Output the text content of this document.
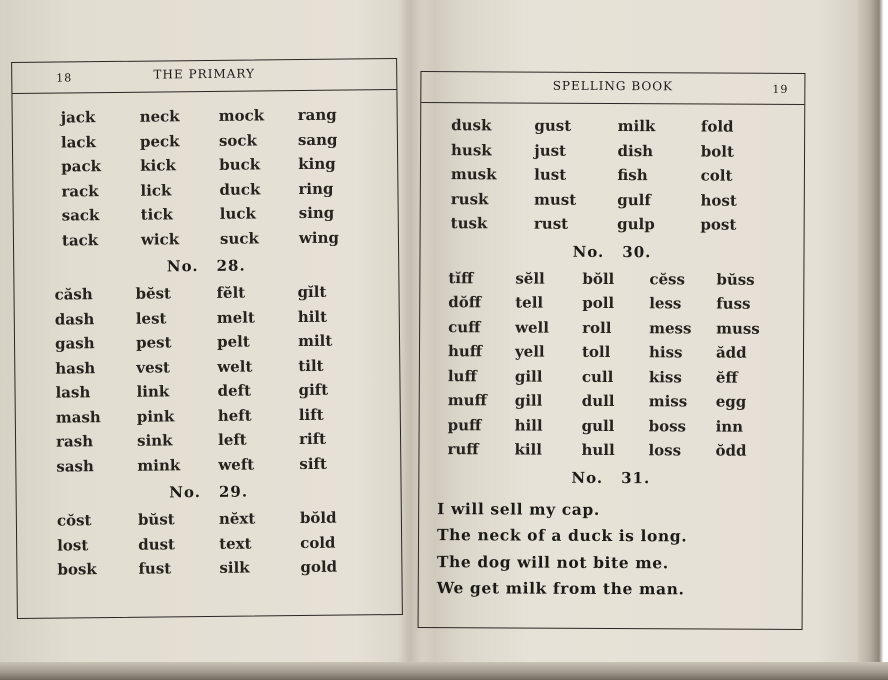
18	THE PRIMARY
jack	neck	mock	rang
lack	peck	sock	sang
pack	kick	buck	king
rack	lick	duck	ring
sack	tick	luck	sing
tack	wick	suck	wing
No. 28.
căsh	bĕst	fĕlt	gĭlt
dash	lest	melt	hilt
gash	pest	pelt	milt
hash	vest	welt	tilt
lash	link	deft	gift
mash	pink	heft	lift
rash	sink	left	rift
sash	mink	weft	sift
No. 29.
cŏst	bŭst	nĕxt	bŏld
lost	dust	text	cold
bosk	fust	silk	gold
SPELLING BOOK	19
dusk	gust	milk	fold
husk	just	dish	bolt
musk	lust	fish	colt
rusk	must	gulf	host
tusk	rust	gulp	post
No. 30.
tĭff	sĕll	bŏll	cĕss	bŭss
dŏff	tell	poll	less	fuss
cuff	well	roll	mess	muss
huff	yell	toll	hiss	ădd
luff	gill	cull	kiss	ĕff
muff	gill	dull	miss	egg
puff	hill	gull	boss	inn
ruff	kill	hull	loss	ŏdd
No. 31.
I will sell my cap.
The neck of a duck is long.
The dog will not bite me.
We get milk from the man.
